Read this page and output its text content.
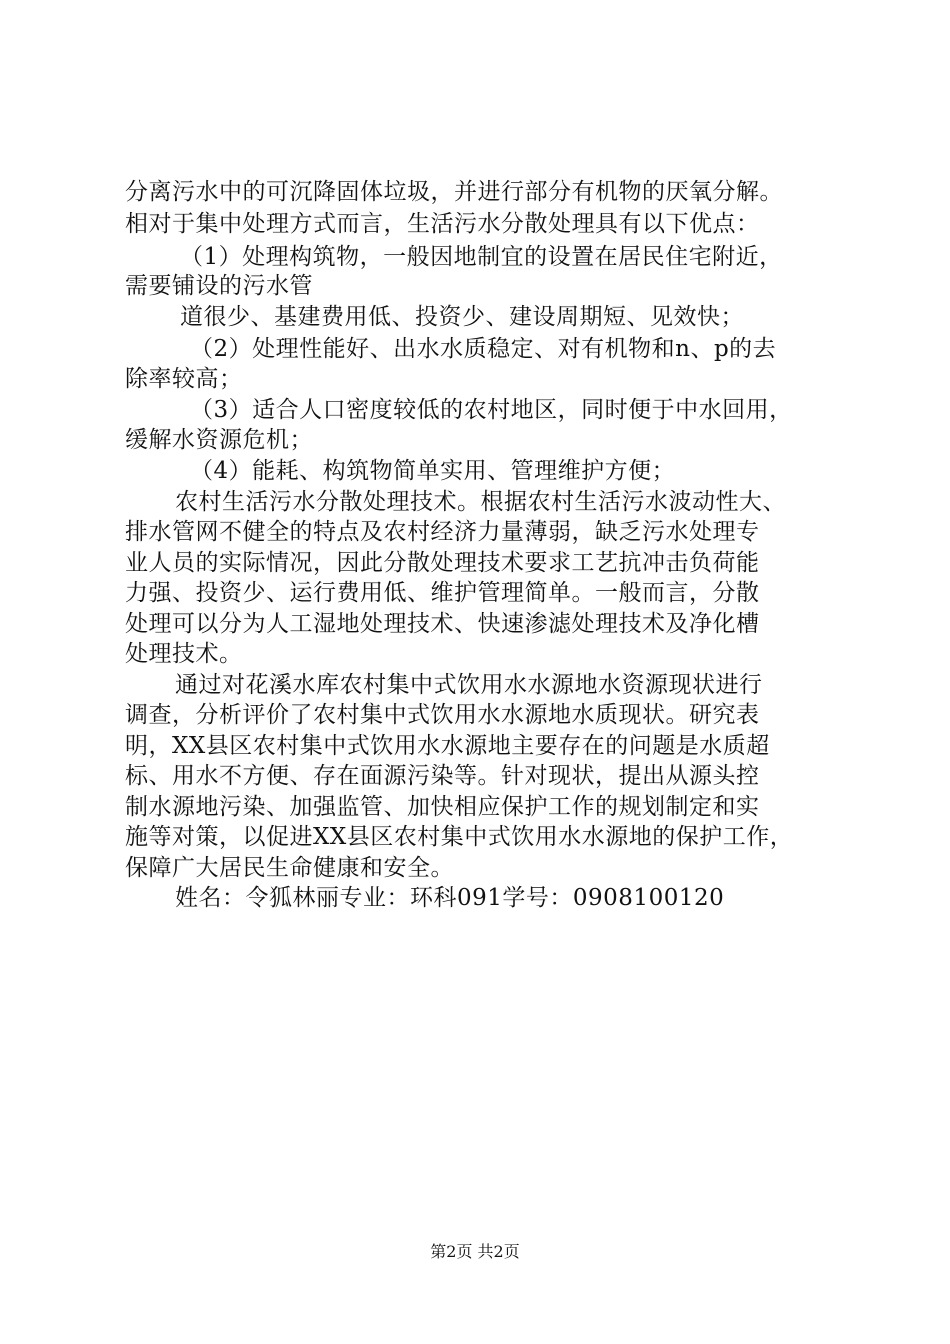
分离污水中的可沉降固体垃圾，并进行部分有机物的厌氧分解。
相对于集中处理方式而言，生活污水分散处理具有以下优点：
（1）处理构筑物，一般因地制宜的设置在居民住宅附近，
需要铺设的污水管
道很少、基建费用低、投资少、建设周期短、见效快；
（2）处理性能好、出水水质稳定、对有机物和n、p的去
除率较高；
（3）适合人口密度较低的农村地区，同时便于中水回用，
缓解水资源危机；
（4）能耗、构筑物简单实用、管理维护方便；
农村生活污水分散处理技术。根据农村生活污水波动性大、
排水管网不健全的特点及农村经济力量薄弱，缺乏污水处理专
业人员的实际情况，因此分散处理技术要求工艺抗冲击负荷能
力强、投资少、运行费用低、维护管理简单。一般而言，分散
处理可以分为人工湿地处理技术、快速渗滤处理技术及净化槽
处理技术。
通过对花溪水库农村集中式饮用水水源地水资源现状进行
调查，分析评价了农村集中式饮用水水源地水质现状。研究表
明，XX县区农村集中式饮用水水源地主要存在的问题是水质超
标、用水不方便、存在面源污染等。针对现状，提出从源头控
制水源地污染、加强监管、加快相应保护工作的规划制定和实
施等对策，以促进XX县区农村集中式饮用水水源地的保护工作，
保障广大居民生命健康和安全。
姓名：令狐林丽专业：环科091学号：0908100120
第2页 共2页
